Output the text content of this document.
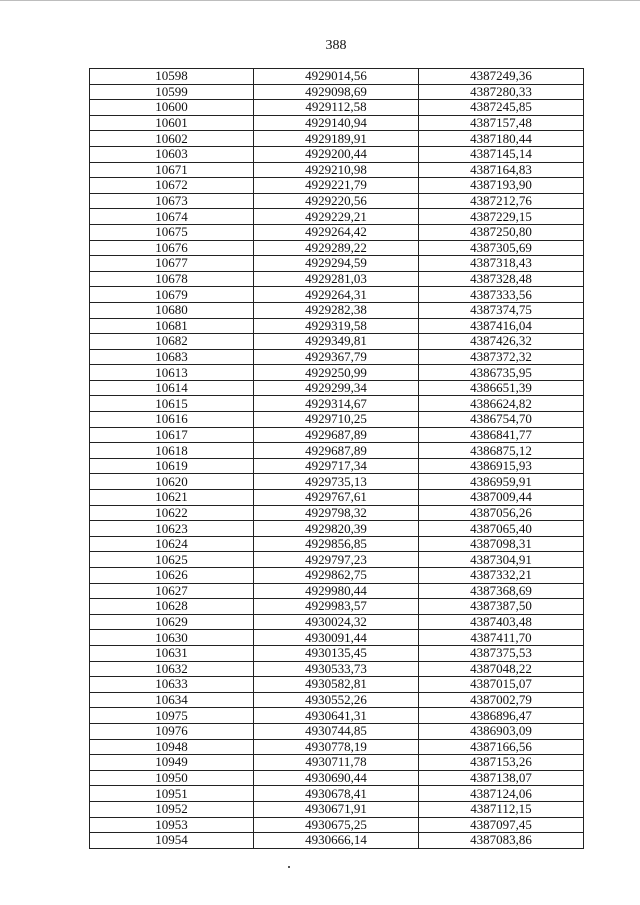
388
10598	4929014,56	4387249,36
10599	4929098,69	4387280,33
10600	4929112,58	4387245,85
10601	4929140,94	4387157,48
10602	4929189,91	4387180,44
10603	4929200,44	4387145,14
10671	4929210,98	4387164,83
10672	4929221,79	4387193,90
10673	4929220,56	4387212,76
10674	4929229,21	4387229,15
10675	4929264,42	4387250,80
10676	4929289,22	4387305,69
10677	4929294,59	4387318,43
10678	4929281,03	4387328,48
10679	4929264,31	4387333,56
10680	4929282,38	4387374,75
10681	4929319,58	4387416,04
10682	4929349,81	4387426,32
10683	4929367,79	4387372,32
10613	4929250,99	4386735,95
10614	4929299,34	4386651,39
10615	4929314,67	4386624,82
10616	4929710,25	4386754,70
10617	4929687,89	4386841,77
10618	4929687,89	4386875,12
10619	4929717,34	4386915,93
10620	4929735,13	4386959,91
10621	4929767,61	4387009,44
10622	4929798,32	4387056,26
10623	4929820,39	4387065,40
10624	4929856,85	4387098,31
10625	4929797,23	4387304,91
10626	4929862,75	4387332,21
10627	4929980,44	4387368,69
10628	4929983,57	4387387,50
10629	4930024,32	4387403,48
10630	4930091,44	4387411,70
10631	4930135,45	4387375,53
10632	4930533,73	4387048,22
10633	4930582,81	4387015,07
10634	4930552,26	4387002,79
10975	4930641,31	4386896,47
10976	4930744,85	4386903,09
10948	4930778,19	4387166,56
10949	4930711,78	4387153,26
10950	4930690,44	4387138,07
10951	4930678,41	4387124,06
10952	4930671,91	4387112,15
10953	4930675,25	4387097,45
10954	4930666,14	4387083,86
